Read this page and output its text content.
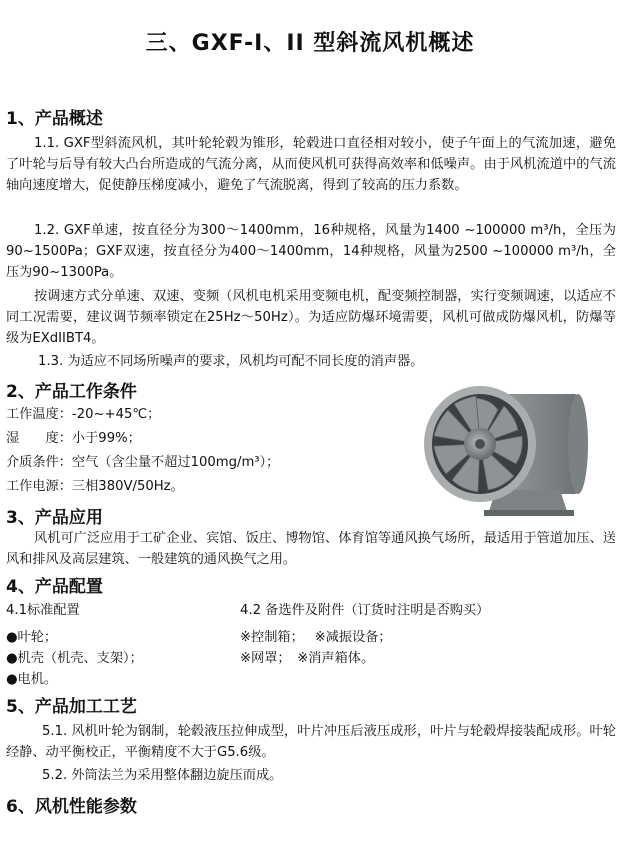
三、GXF-I、II 型斜流风机概述
1、产品概述

1.1. GXF型斜流风机，其叶轮轮毂为锥形，轮毂进口直径相对较小，使子午面上的气流加速，避免了叶轮与后导有较大凸台所造成的气流分离，从而使风机可获得高效率和低噪声。由于风机流道中的气流轴向速度增大，促使静压梯度减小，避免了气流脱离，得到了较高的压力系数。

1.2. GXF单速，按直径分为300～1400mm，16种规格，风量为1400 ~100000 m³/h，全压为 90~1500Pa；GXF双速，按直径分为400～1400mm，14种规格，风量为2500 ~100000 m³/h，全压为90~1300Pa。

按调速方式分单速、双速、变频（风机电机采用变频电机，配变频控制器，实行变频调速，以适应不同工况需要，建议调节频率锁定在25Hz～50Hz）。为适应防爆环境需要，风机可做成防爆风机，防爆等级为EXdIIBT4。

1.3. 为适应不同场所噪声的要求，风机均可配不同长度的消声器。

2、产品工作条件
工作温度：-20~+45℃；
湿　　度：小于99%；
介质条件：空气（含尘量不超过100mg/m³）；
工作电源：三相380V/50Hz。
3、产品应用

风机可广泛应用于工矿企业、宾馆、饭庄、博物馆、体育馆等通风换气场所，最适用于管道加压、送风和排风及高层建筑、一般建筑的通风换气之用。

4、产品配置
4.1标准配置	4.2 备选件及附件（订货时注明是否购买）
●叶轮；
●机壳（机壳、支架）；
●电机。
※控制箱；　 ※减振设备；
※网罩；　※消声箱体。
5、产品加工工艺

5.1. 风机叶轮为钢制，轮毂液压拉伸成型，叶片冲压后液压成形，叶片与轮毂焊接装配成形。叶轮经静、动平衡校正，平衡精度不大于G5.6级。

5.2. 外筒法兰为采用整体翻边旋压而成。

6、风机性能参数
